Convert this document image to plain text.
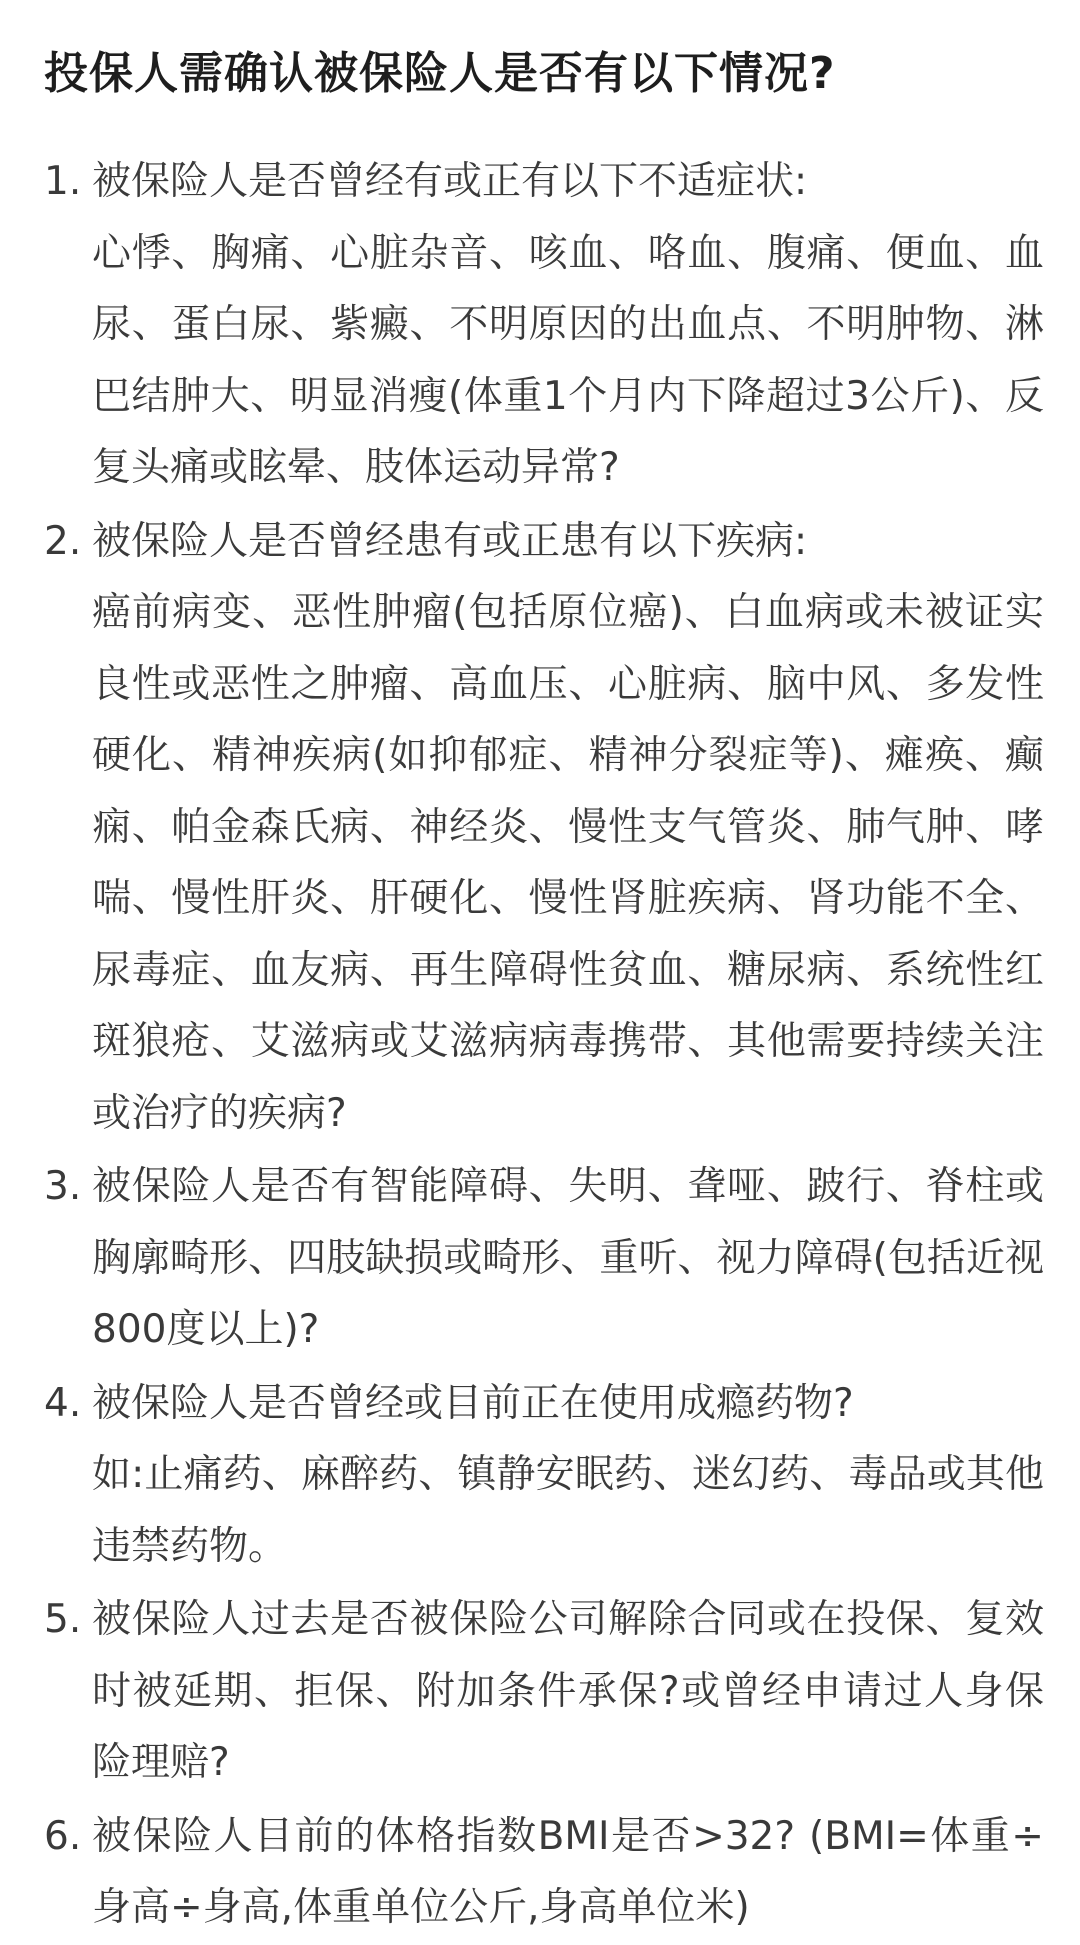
投保人需确认被保险人是否有以下情况?
1. 被保险人是否曾经有或正有以下不适症状:
心悸、胸痛、心脏杂音、咳血、咯血、腹痛、便血、血尿、蛋白尿、紫癜、不明原因的出血点、不明肿物、淋巴结肿大、明显消瘦(体重1个月内下降超过3公斤)、反复头痛或眩晕、肢体运动异常?
2. 被保险人是否曾经患有或正患有以下疾病:
癌前病变、恶性肿瘤(包括原位癌)、白血病或未被证实良性或恶性之肿瘤、高血压、心脏病、脑中风、多发性硬化、精神疾病(如抑郁症、精神分裂症等)、瘫痪、癫痫、帕金森氏病、神经炎、慢性支气管炎、肺气肿、哮喘、慢性肝炎、肝硬化、慢性肾脏疾病、肾功能不全、尿毒症、血友病、再生障碍性贫血、糖尿病、系统性红斑狼疮、艾滋病或艾滋病病毒携带、其他需要持续关注或治疗的疾病?
3. 被保险人是否有智能障碍、失明、聋哑、跛行、脊柱或胸廓畸形、四肢缺损或畸形、重听、视力障碍(包括近视800度以上)?
4. 被保险人是否曾经或目前正在使用成瘾药物?
如:止痛药、麻醉药、镇静安眠药、迷幻药、毒品或其他违禁药物。
5. 被保险人过去是否被保险公司解除合同或在投保、复效时被延期、拒保、附加条件承保?或曾经申请过人身保险理赔?
6. 被保险人目前的体格指数BMI是否>32? (BMI=体重÷身高÷身高,体重单位公斤,身高单位米)
